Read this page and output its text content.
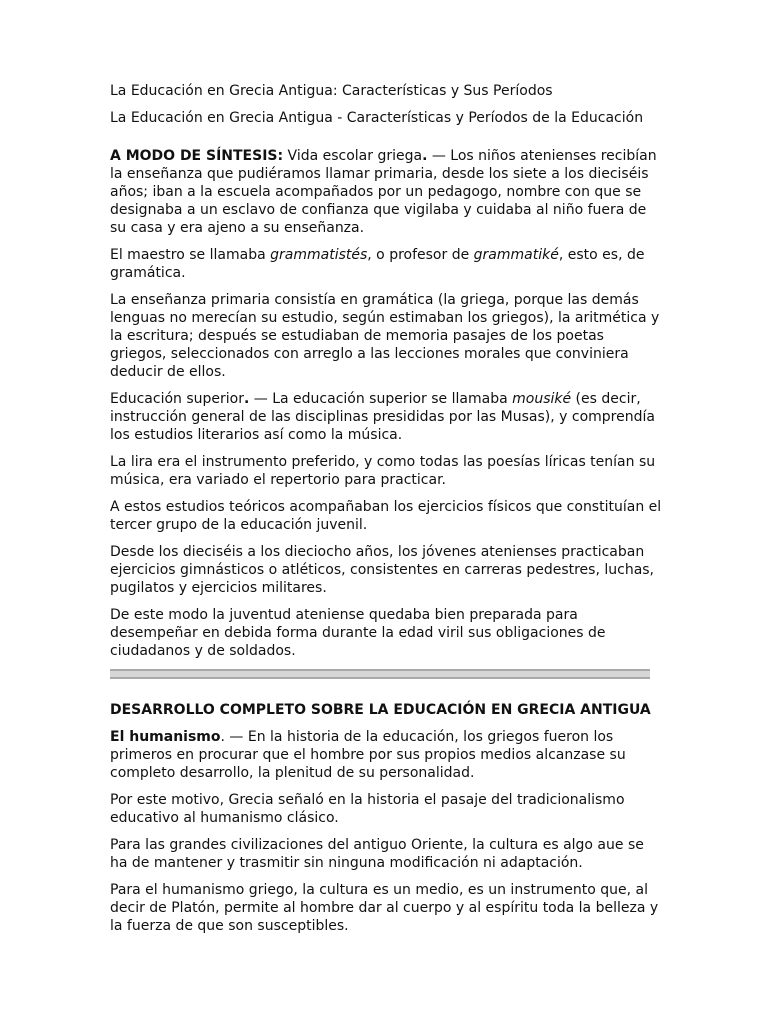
La Educación en Grecia Antigua: Características y Sus Períodos
La Educación en Grecia Antigua - Características y Períodos de la Educación

A MODO DE SÍNTESIS: Vida escolar griega. — Los niños atenienses recibían la enseñanza que pudiéramos llamar primaria, desde los siete a los dieciséis años; iban a la escuela acompañados por un pedagogo, nombre con que se designaba a un esclavo de confianza que vigilaba y cuidaba al niño fuera de su casa y era ajeno a su enseñanza.

El maestro se llamaba grammatistés, o profesor de grammatiké, esto es, de gramática.

La enseñanza primaria consistía en gramática (la griega, porque las demás lenguas no merecían su estudio, según estimaban los griegos), la aritmética y la escritura; después se estudiaban de memoria pasajes de los poetas griegos, seleccionados con arreglo a las lecciones morales que conviniera deducir de ellos.

Educación superior. — La educación superior se llamaba mousiké (es decir, instrucción general de las disciplinas presididas por las Musas), y comprendía los estudios literarios así como la música.

La lira era el instrumento preferido, y como todas las poesías líricas tenían su música, era variado el repertorio para practicar.

A estos estudios teóricos acompañaban los ejercicios físicos que constituían el tercer grupo de la educación juvenil.

Desde los dieciséis a los dieciocho años, los jóvenes atenienses practicaban ejercicios gimnásticos o atléticos, consistentes en carreras pedestres, luchas, pugilatos y ejercicios militares.

De este modo la juventud ateniense quedaba bien preparada para desempeñar en debida forma durante la edad viril sus obligaciones de ciudadanos y de soldados.

DESARROLLO COMPLETO SOBRE LA EDUCACIÓN EN GRECIA ANTIGUA

El humanismo. — En la historia de la educación, los griegos fueron los primeros en procurar que el hombre por sus propios medios alcanzase su completo desarrollo, la plenitud de su personalidad.

Por este motivo, Grecia señaló en la historia el pasaje del tradicionalismo educativo al humanismo clásico.

Para las grandes civilizaciones del antiguo Oriente, la cultura es algo aue se ha de mantener y trasmitir sin ninguna modificación ni adaptación.

Para el humanismo griego, la cultura es un medio, es un instrumento que, al decir de Platón, permite al hombre dar al cuerpo y al espíritu toda la belleza y la fuerza de que son susceptibles.
